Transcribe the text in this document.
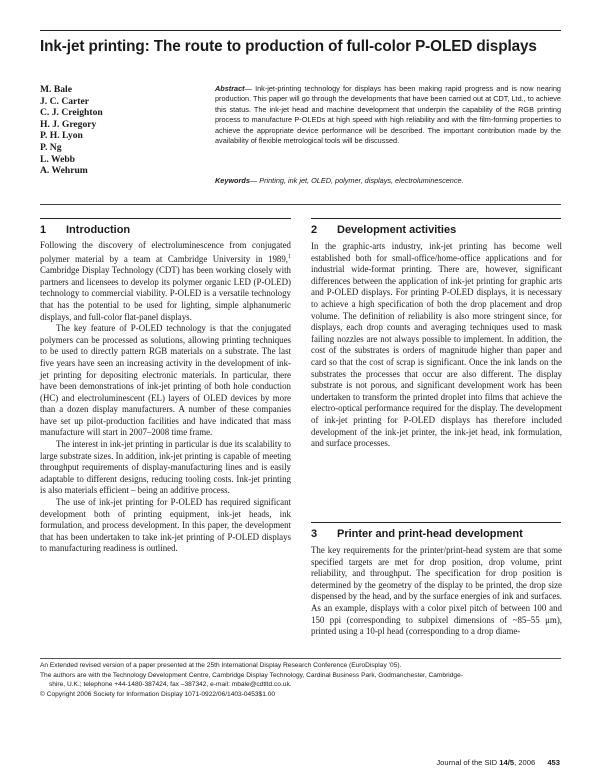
Ink-jet printing: The route to production of full-color P-OLED displays
M. Bale
J. C. Carter
C. J. Creighton
H. J. Gregory
P. H. Lyon
P. Ng
L. Webb
A. Wehrum
Abstract— Ink-jet-printing technology for displays has been making rapid progress and is now nearing production. This paper will go through the developments that have been carried out at CDT, Ltd., to achieve this status. The ink-jet head and machine development that underpin the capability of the RGB printing process to manufacture P-OLEDs at high speed with high reliability and with the film-forming properties to achieve the appropriate device performance will be described. The important contribution made by the availability of flexible metrological tools will be discussed.
Keywords— Printing, ink jet, OLED, polymer, displays, electroluminescence.
1 Introduction

Following the discovery of electroluminescence from conjugated polymer material by a team at Cambridge University in 1989,$^1$ Cambridge Display Technology (CDT) has been working closely with partners and licensees to develop its polymer organic LED (P-OLED) technology to commercial viability. P-OLED is a versatile technology that has the potential to be used for lighting, simple alphanumeric displays, and full-color flat-panel displays.

The key feature of P-OLED technology is that the conjugated polymers can be processed as solutions, allowing printing techniques to be used to directly pattern RGB materials on a substrate. The last five years have seen an increasing activity in the development of ink-jet printing for depositing electronic materials. In particular, there have been demonstrations of ink-jet printing of both hole conduction (HC) and electroluminescent (EL) layers of OLED devices by more than a dozen display manufacturers. A number of these companies have set up pilot-production facilities and have indicated that mass manufacture will start in 2007–2008 time frame.

The interest in ink-jet printing in particular is due its scalability to large substrate sizes. In addition, ink-jet printing is capable of meeting throughput requirements of display-manufacturing lines and is easily adaptable to different designs, reducing tooling costs. Ink-jet printing is also materials efficient – being an additive process.

The use of ink-jet printing for P-OLED has required significant development both of printing equipment, ink-jet heads, ink formulation, and process development. In this paper, the development that has been undertaken to take ink-jet printing of P-OLED displays to manufacturing readiness is outlined.

2 Development activities

In the graphic-arts industry, ink-jet printing has become well established both for small-office/home-office applications and for industrial wide-format printing. There are, however, significant differences between the application of ink-jet printing for graphic arts and P-OLED displays. For printing P-OLED displays, it is necessary to achieve a high specification of both the drop placement and drop volume. The definition of reliability is also more stringent since, for displays, each drop counts and averaging techniques used to mask failing nozzles are not always possible to implement. In addition, the cost of the substrates is orders of magnitude higher than paper and card so that the cost of scrap is significant. Once the ink lands on the substrates the processes that occur are also different. The display substrate is not porous, and significant development work has been undertaken to transform the printed droplet into films that achieve the electro-optical performance required for the display. The development of ink-jet printing for P-OLED displays has therefore included development of the ink-jet printer, the ink-jet head, ink formulation, and surface processes.

3 Printer and print-head development

The key requirements for the printer/print-head system are that some specified targets are met for drop position, drop volume, print reliability, and throughput. The specification for drop position is determined by the geometry of the display to be printed, the drop size dispensed by the head, and by the surface energies of ink and surfaces. As an example, displays with a color pixel pitch of between 100 and 150 ppi (corresponding to subpixel dimensions of ~85–55 μm), printed using a 10-pl head (corresponding to a drop diame-

An Extended revised version of a paper presented at the 25th International Display Research Conference (EuroDisplay ’05).
The authors are with the Technology Development Centre, Cambridge Display Technology, Cardinal Business Park, Godmanchester, Cambridge-
shire, U.K.; telephone +44-1480-387424, fax –387342, e-mail: mbale@cdtltd.co.uk.
© Copyright 2006 Society for Information Display 1071-0922/06/1403-0453$1.00
Journal of the SID 14/5, 2006 453
